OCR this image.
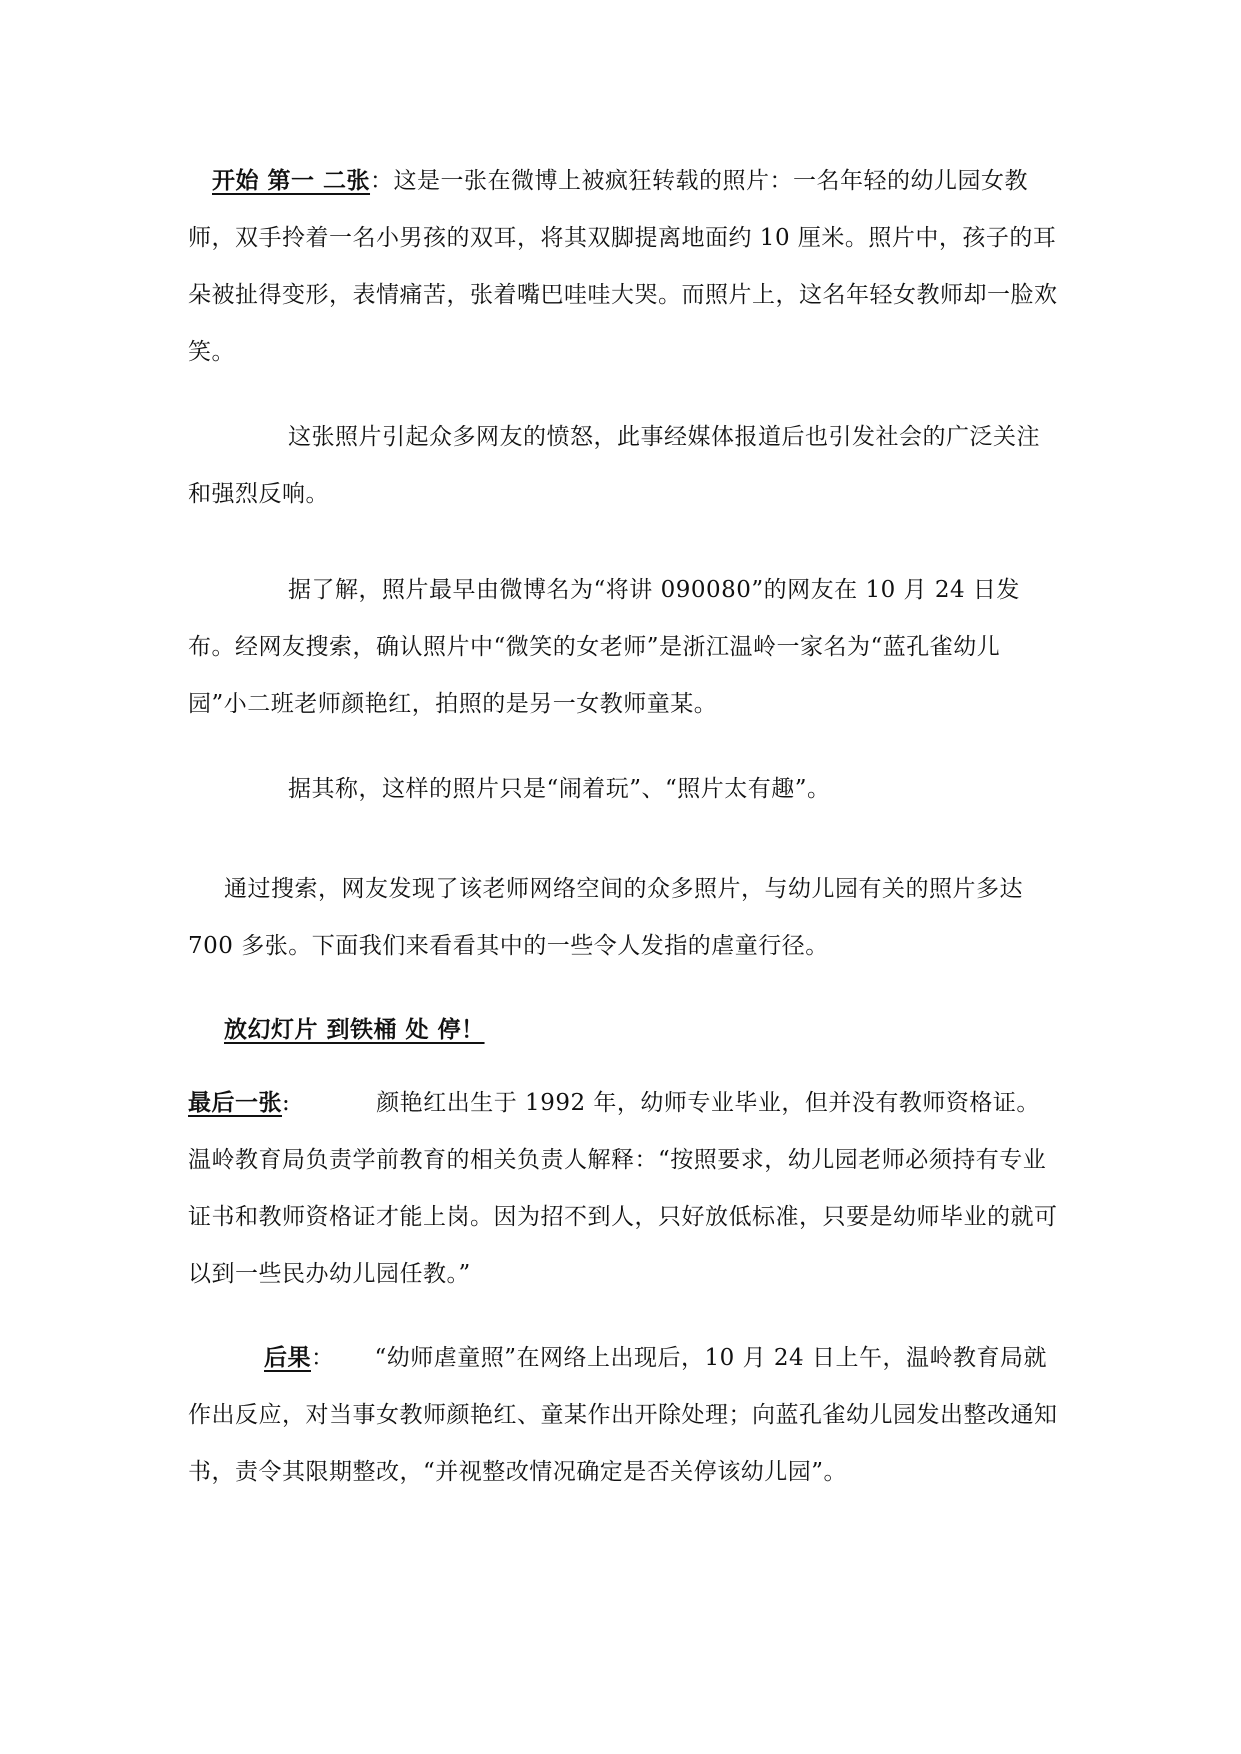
开始 第一 二张：这是一张在微博上被疯狂转载的照片：一名年轻的幼儿园女教师，双手拎着一名小男孩的双耳，将其双脚提离地面约 10 厘米。照片中，孩子的耳朵被扯得变形，表情痛苦，张着嘴巴哇哇大哭。而照片上，这名年轻女教师却一脸欢笑。

这张照片引起众多网友的愤怒，此事经媒体报道后也引发社会的广泛关注和强烈反响。

据了解，照片最早由微博名为“将讲 090080”的网友在 10 月 24 日发布。经网友搜索，确认照片中“微笑的女老师”是浙江温岭一家名为“蓝孔雀幼儿园”小二班老师颜艳红，拍照的是另一女教师童某。

据其称，这样的照片只是“闹着玩”、“照片太有趣”。

通过搜索，网友发现了该老师网络空间的众多照片，与幼儿园有关的照片多达 700 多张。下面我们来看看其中的一些令人发指的虐童行径。

放幻灯片 到铁桶 处 停！

最后一张:	颜艳红出生于 1992 年，幼师专业毕业，但并没有教师资格证。温岭教育局负责学前教育的相关负责人解释：“按照要求，幼儿园老师必须持有专业证书和教师资格证才能上岗。因为招不到人，只好放低标准，只要是幼师毕业的就可以到一些民办幼儿园任教。”

后果： “幼师虐童照”在网络上出现后，10 月 24 日上午，温岭教育局就作出反应，对当事女教师颜艳红、童某作出开除处理；向蓝孔雀幼儿园发出整改通知书，责令其限期整改，“并视整改情况确定是否关停该幼儿园”。
